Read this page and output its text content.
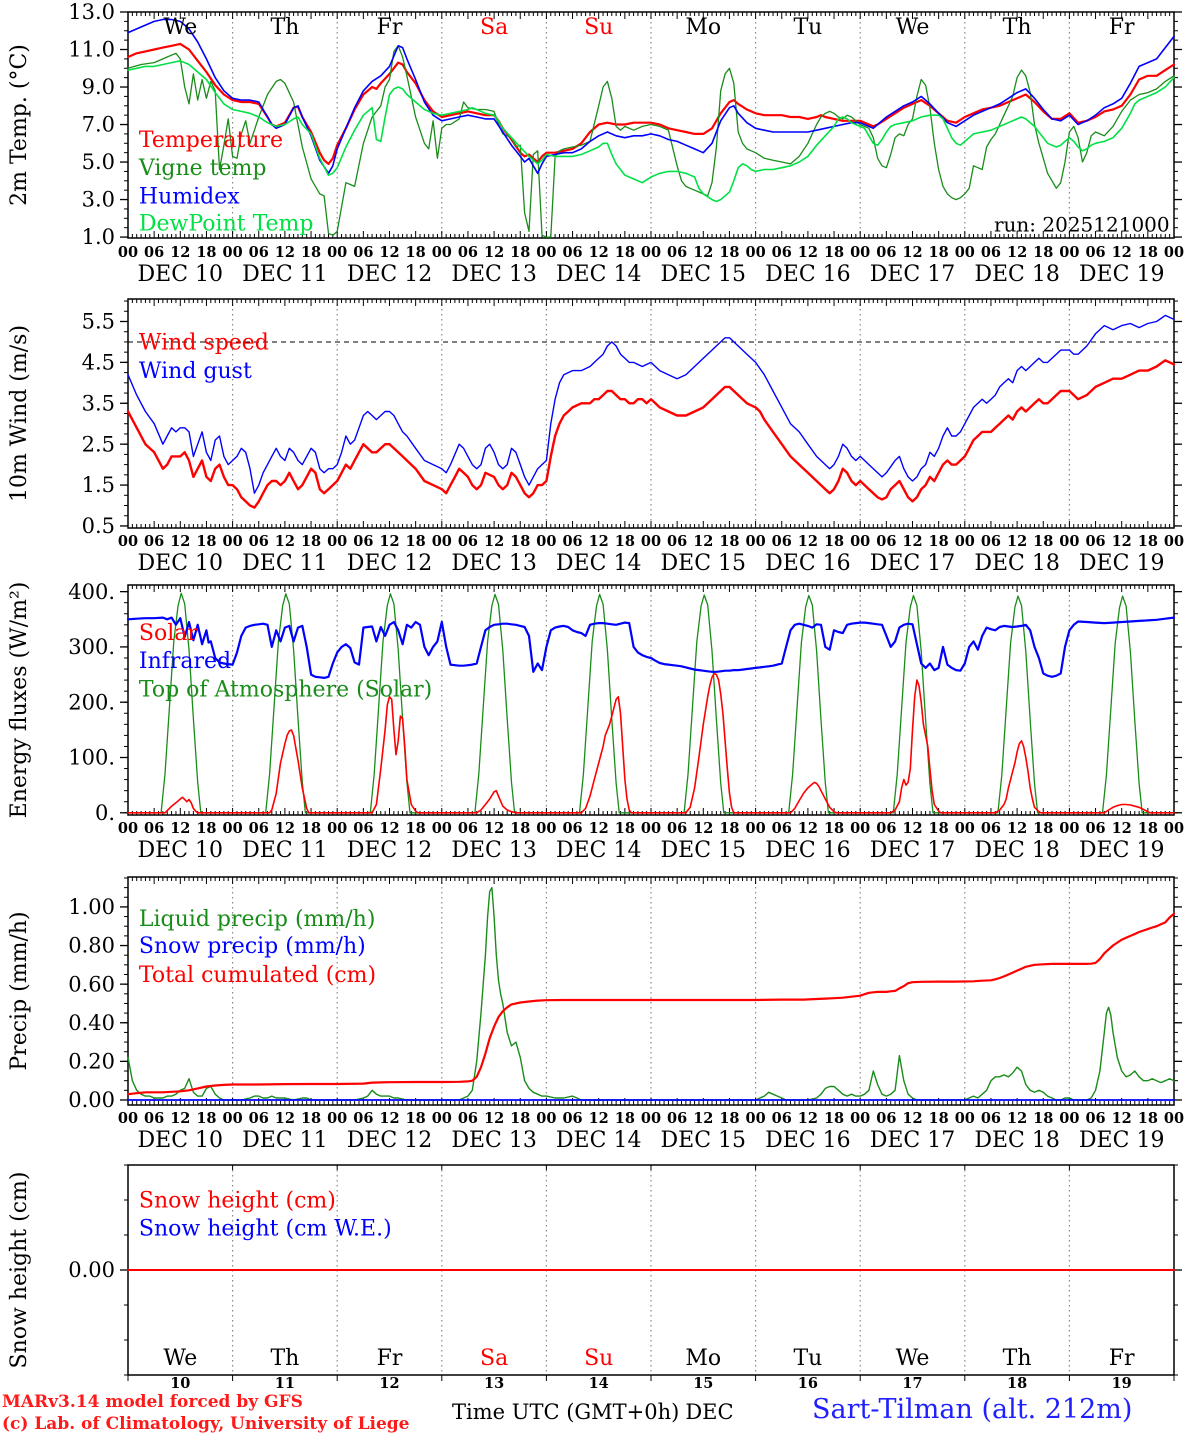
13.0
11.0
9.0
7.0
5.0
3.0
1.0
Temperature
Vigne temp
Humidex
DewPoint Temp	run: 2025121000
We	Th	Fr	Sa	Su	Mo	Tu	We	Th	Fr
00 06 12 18 00 06 12 18 00 06 12 18 00 06 12 18 00 06 12 18 00 06 12 18 00 06 12 18 00 06 12 18 00 06 12 18 00 06 12 18 00
DEC 10 DEC 11 DEC 12 DEC 13 DEC 14 DEC 15 DEC 16 DEC 17 DEC 18 DEC 19
2m Temp. (°C)
5.5
4.5
3.5
2.5
1.5
0.5
Wind speed
Wind gust
00 06 12 18 00 06 12 18 00 06 12 18 00 06 12 18 00 06 12 18 00 06 12 18 00 06 12 18 00 06 12 18 00 06 12 18 00 06 12 18 00
DEC 10 DEC 11 DEC 12 DEC 13 DEC 14 DEC 15 DEC 16 DEC 17 DEC 18 DEC 19
10m Wind (m/s)
400.
300.
200.
100.
0.
Solar
Infrared
Top of Atmosphere (Solar)
00 06 12 18 00 06 12 18 00 06 12 18 00 06 12 18 00 06 12 18 00 06 12 18 00 06 12 18 00 06 12 18 00 06 12 18 00 06 12 18 00
DEC 10 DEC 11 DEC 12 DEC 13 DEC 14 DEC 15 DEC 16 DEC 17 DEC 18 DEC 19
Energy fluxes (W/m²)
1.00
0.80
0.60
0.40
0.20
0.00
Liquid precip (mm/h)
Snow precip (mm/h)
Total cumulated (cm)
00 06 12 18 00 06 12 18 00 06 12 18 00 06 12 18 00 06 12 18 00 06 12 18 00 06 12 18 00 06 12 18 00 06 12 18 00 06 12 18 00
DEC 10 DEC 11 DEC 12 DEC 13 DEC 14 DEC 15 DEC 16 DEC 17 DEC 18 DEC 19
Precip (mm/h)
0.00
Snow height (cm)
Snow height (cm W.E.)
We	Th	Fr	Sa	Su	Mo	Tu	We	Th	Fr
10	11	12	13	14	15	16	17	18	19
Snow height (cm)
MARv3.14 model forced by GFS
(c) Lab. of Climatology, University of Liege Time UTC (GMT+0h) DEC	Sart-Tilman (alt. 212m)
